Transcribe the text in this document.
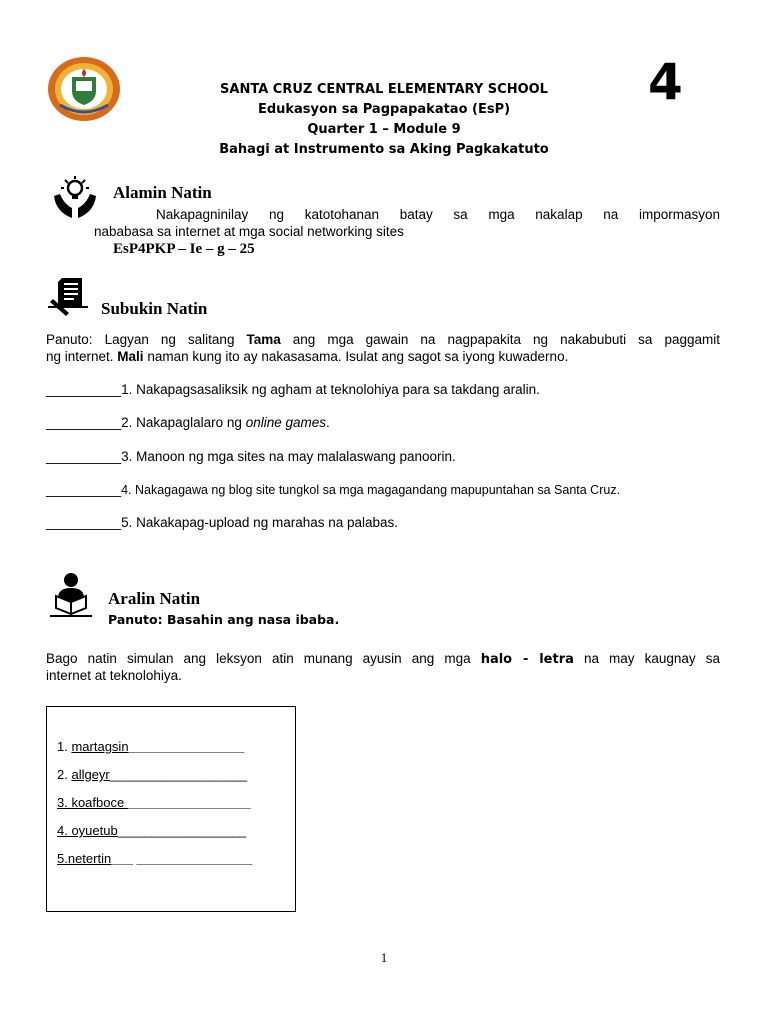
SANTA CRUZ CENTRAL ELEMENTARY SCHOOL
Edukasyon sa Pagpapakatao (EsP)
Quarter 1 – Module 9
Bahagi at Instrumento sa Aking Pagkakatuto
4
Alamin Natin
Nakapagninilay ng katotohanan batay sa mga nakalap na impormasyon
nababasa sa internet at mga social networking sites
EsP4PKP – Ie – g – 25
Subukin Natin
Panuto: Lagyan ng salitang Tama ang mga gawain na nagpapakita ng nakabubuti sa paggamit
ng internet. Mali naman kung ito ay nakasasama. Isulat ang sagot sa iyong kuwaderno.
__________1. Nakapagsasaliksik ng agham at teknolohiya para sa takdang aralin.
__________2. Nakapaglalaro ng online games.
__________3. Manoon ng mga sites na may malalaswang panoorin.
__________4. Nakagagawa ng blog site tungkol sa mga magagandang mapupuntahan sa Santa Cruz.
__________5. Nakakapag-upload ng marahas na palabas.
Aralin Natin
Panuto: Basahin ang nasa ibaba.
Bago natin simulan ang leksyon atin munang ayusin ang mga halo - letra na may kaugnay sa
internet at teknolohiya.
1. martagsin________________
2. allgeyr___________________
3. koafboce _________________
4. oyuetub___________________
5.netertin___ ________________
1
